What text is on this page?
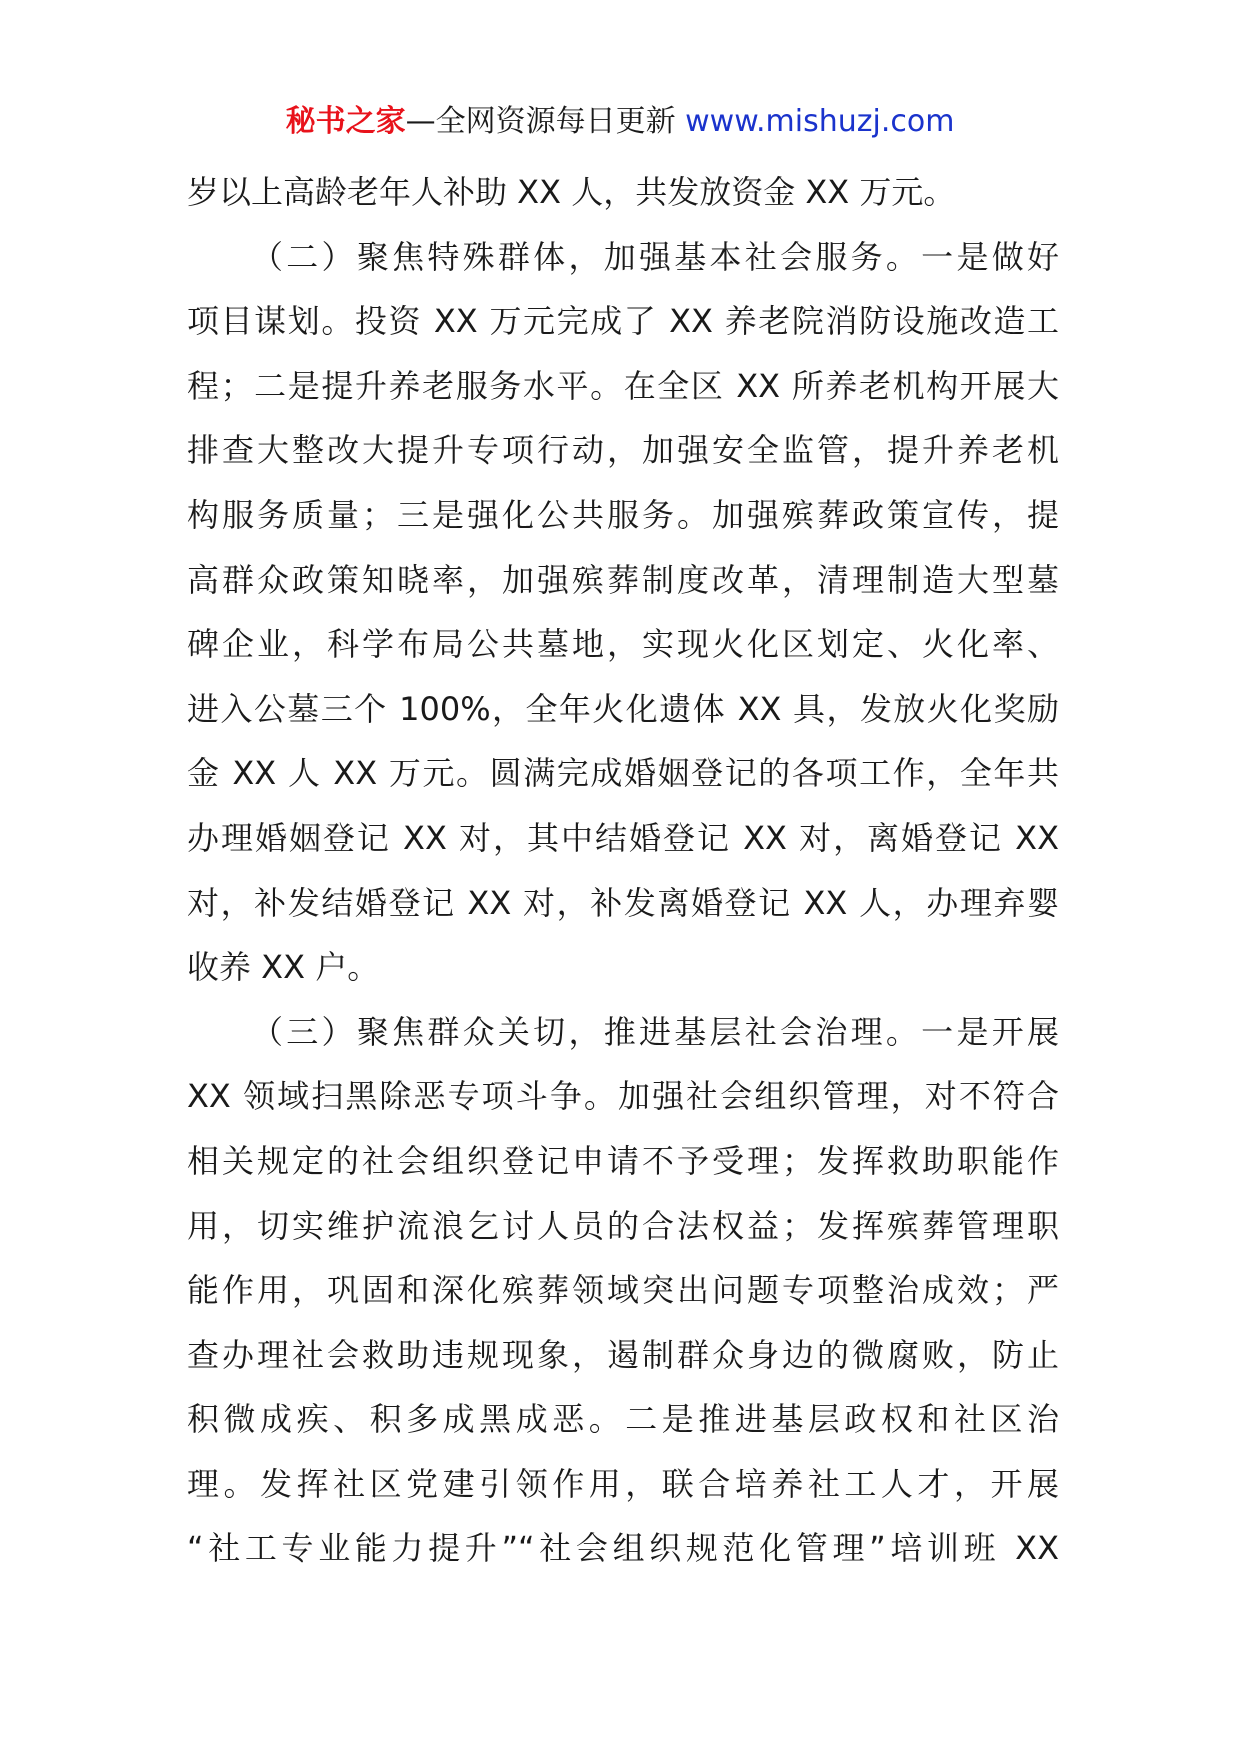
秘书之家—全网资源每日更新 www.mishuzj.com
岁以上高龄老年人补助 XX 人，共发放资金 XX 万元。
（二）聚焦特殊群体，加强基本社会服务。一是做好
项目谋划。投资 XX 万元完成了 XX 养老院消防设施改造工
程；二是提升养老服务水平。在全区 XX 所养老机构开展大
排查大整改大提升专项行动，加强安全监管，提升养老机
构服务质量；三是强化公共服务。加强殡葬政策宣传，提
高群众政策知晓率，加强殡葬制度改革，清理制造大型墓
碑企业，科学布局公共墓地，实现火化区划定、火化率、
进入公墓三个 100%，全年火化遗体 XX 具，发放火化奖励
金 XX 人 XX 万元。圆满完成婚姻登记的各项工作，全年共
办理婚姻登记 XX 对，其中结婚登记 XX 对，离婚登记 XX
对，补发结婚登记 XX 对，补发离婚登记 XX 人，办理弃婴
收养 XX 户。
（三）聚焦群众关切，推进基层社会治理。一是开展
XX 领域扫黑除恶专项斗争。加强社会组织管理，对不符合
相关规定的社会组织登记申请不予受理；发挥救助职能作
用，切实维护流浪乞讨人员的合法权益；发挥殡葬管理职
能作用，巩固和深化殡葬领域突出问题专项整治成效；严
查办理社会救助违规现象，遏制群众身边的微腐败，防止
积微成疾、积多成黑成恶。二是推进基层政权和社区治
理。发挥社区党建引领作用，联合培养社工人才，开展
“社工专业能力提升”“社会组织规范化管理”培训班 XX
